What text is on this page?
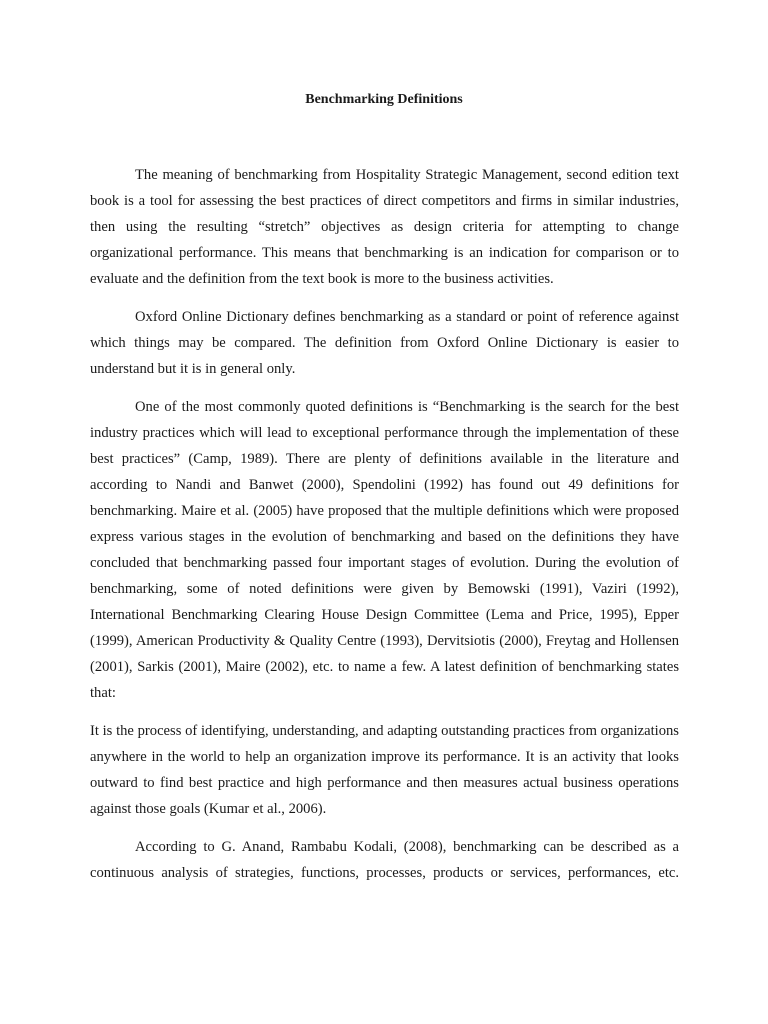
Benchmarking Definitions

The meaning of benchmarking from Hospitality Strategic Management, second edition text book is a tool for assessing the best practices of direct competitors and firms in similar industries, then using the resulting “stretch” objectives as design criteria for attempting to change organizational performance. This means that benchmarking is an indication for comparison or to evaluate and the definition from the text book is more to the business activities.

Oxford Online Dictionary defines benchmarking as a standard or point of reference against which things may be compared. The definition from Oxford Online Dictionary is easier to understand but it is in general only.

One of the most commonly quoted definitions is “Benchmarking is the search for the best industry practices which will lead to exceptional performance through the implementation of these best practices” (Camp, 1989). There are plenty of definitions available in the literature and according to Nandi and Banwet (2000), Spendolini (1992) has found out 49 definitions for benchmarking. Maire et al. (2005) have proposed that the multiple definitions which were proposed express various stages in the evolution of benchmarking and based on the definitions they have concluded that benchmarking passed four important stages of evolution. During the evolution of benchmarking, some of noted definitions were given by Bemowski (1991), Vaziri (1992), International Benchmarking Clearing House Design Committee (Lema and Price, 1995), Epper (1999), American Productivity & Quality Centre (1993), Dervitsiotis (2000), Freytag and Hollensen (2001), Sarkis (2001), Maire (2002), etc. to name a few. A latest definition of benchmarking states that:

It is the process of identifying, understanding, and adapting outstanding practices from organizations anywhere in the world to help an organization improve its performance. It is an activity that looks outward to find best practice and high performance and then measures actual business operations against those goals (Kumar et al., 2006).

According to G. Anand, Rambabu Kodali, (2008), benchmarking can be described as a continuous analysis of strategies, functions, processes, products or services, performances, etc.
